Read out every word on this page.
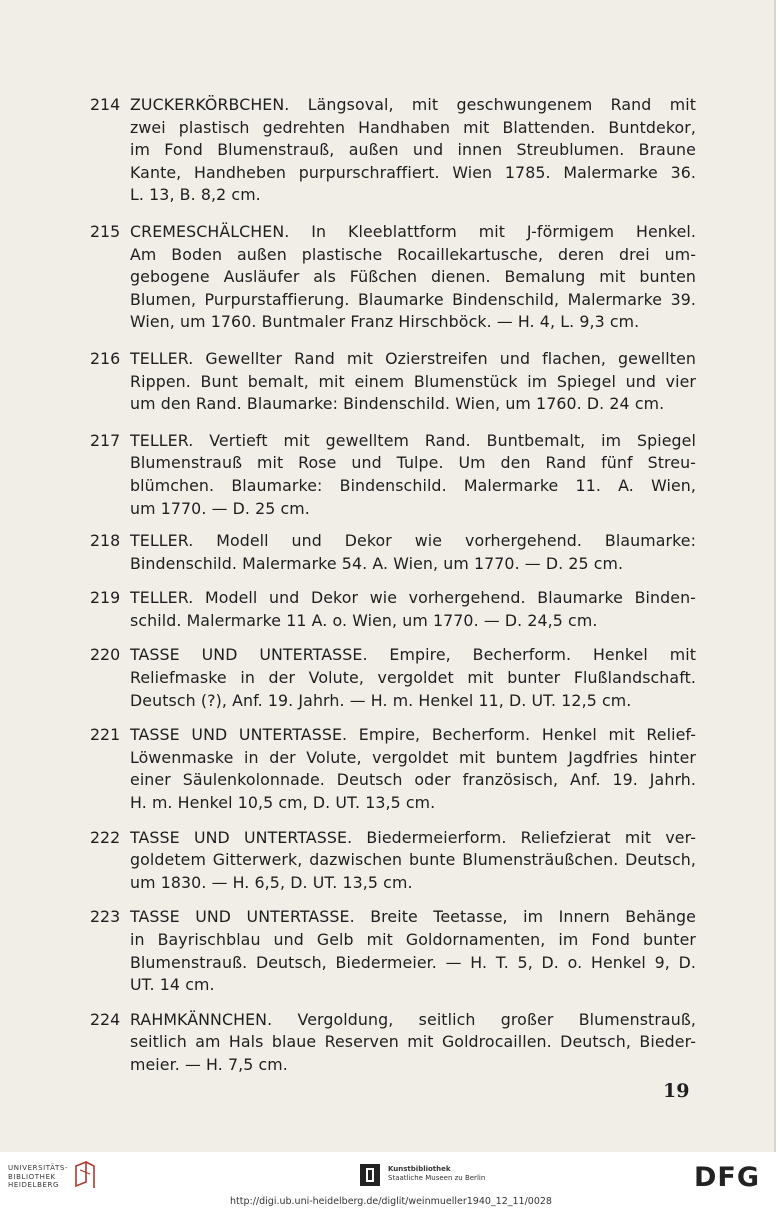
214 ZUCKERKÖRBCHEN. Längsoval, mit geschwungenem Rand mit
zwei plastisch gedrehten Handhaben mit Blattenden. Buntdekor,
im Fond Blumenstrauß, außen und innen Streublumen. Braune
Kante, Handheben purpurschraffiert. Wien 1785. Malermarke 36.
L. 13, B. 8,2 cm.
215 CREMESCHÄLCHEN. In Kleeblattform mit J-förmigem Henkel.
Am Boden außen plastische Rocaillekartusche, deren drei um-
gebogene Ausläufer als Füßchen dienen. Bemalung mit bunten
Blumen, Purpurstaffierung. Blaumarke Bindenschild, Malermarke 39.
Wien, um 1760. Buntmaler Franz Hirschböck. — H. 4, L. 9,3 cm.
216 TELLER. Gewellter Rand mit Ozierstreifen und flachen, gewellten
Rippen. Bunt bemalt, mit einem Blumenstück im Spiegel und vier
um den Rand. Blaumarke: Bindenschild. Wien, um 1760. D. 24 cm.
217 TELLER. Vertieft mit gewelltem Rand. Buntbemalt, im Spiegel
Blumenstrauß mit Rose und Tulpe. Um den Rand fünf Streu-
blümchen. Blaumarke: Bindenschild. Malermarke 11. A. Wien,
um 1770. — D. 25 cm.
218 TELLER. Modell und Dekor wie vorhergehend. Blaumarke:
Bindenschild. Malermarke 54. A. Wien, um 1770. — D. 25 cm.
219 TELLER. Modell und Dekor wie vorhergehend. Blaumarke Binden-
schild. Malermarke 11 A. o. Wien, um 1770. — D. 24,5 cm.
220 TASSE UND UNTERTASSE. Empire, Becherform. Henkel mit
Reliefmaske in der Volute, vergoldet mit bunter Flußlandschaft.
Deutsch (?), Anf. 19. Jahrh. — H. m. Henkel 11, D. UT. 12,5 cm.
221 TASSE UND UNTERTASSE. Empire, Becherform. Henkel mit Relief-
Löwenmaske in der Volute, vergoldet mit buntem Jagdfries hinter
einer Säulenkolonnade. Deutsch oder französisch, Anf. 19. Jahrh.
H. m. Henkel 10,5 cm, D. UT. 13,5 cm.
222 TASSE UND UNTERTASSE. Biedermeierform. Reliefzierat mit ver-
goldetem Gitterwerk, dazwischen bunte Blumensträußchen. Deutsch,
um 1830. — H. 6,5, D. UT. 13,5 cm.
223 TASSE UND UNTERTASSE. Breite Teetasse, im Innern Behänge
in Bayrischblau und Gelb mit Goldornamenten, im Fond bunter
Blumenstrauß. Deutsch, Biedermeier. — H. T. 5, D. o. Henkel 9, D.
UT. 14 cm.
224 RAHMKÄNNCHEN. Vergoldung, seitlich großer Blumenstrauß,
seitlich am Hals blaue Reserven mit Goldrocaillen. Deutsch, Bieder-
meier. — H. 7,5 cm.
19
UNIVERSITÄTS-
BIBLIOTHEK
HEIDELBERG
Kunstbibliothek
Staatliche Museen zu Berlin	DFG
http://digi.ub.uni-heidelberg.de/diglit/weinmueller1940_12_11/0028
